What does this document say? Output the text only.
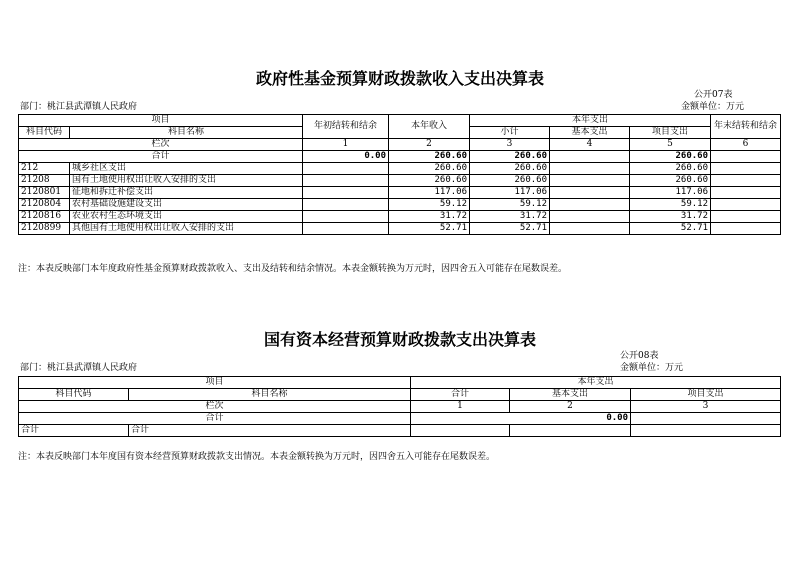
政府性基金预算财政拨款收入支出决算表
公开07表
部门：桃江县武潭镇人民政府	金额单位：万元
项目		年初结转和结余	本年收入	本年支出			年末结转和结余
科目代码	科目名称			小计	基本支出	项目支出	
栏次		1	2	3	4	5	6
合计		0.00	260.60	260.60		260.60	
212	城乡社区支出		260.60	260.60		260.60	
21208	国有土地使用权出让收入安排的支出		260.60	260.60		260.60	
2120801	征地和拆迁补偿支出		117.06	117.06		117.06	
2120804	农村基础设施建设支出		59.12	59.12		59.12	
2120816	农业农村生态环境支出		31.72	31.72		31.72	
2120899	其他国有土地使用权出让收入安排的支出		52.71	52.71		52.71	
注：本表反映部门本年度政府性基金预算财政拨款收入、支出及结转和结余情况。本表金额转换为万元时，因四舍五入可能存在尾数误差。
国有资本经营预算财政拨款支出决算表
公开08表
部门：桃江县武潭镇人民政府	金额单位：万元
项目		本年支出		
科目代码	科目名称	合计	基本支出	项目支出
栏次		1	2	3
合计		0.00		
合计	合计			
注：本表反映部门本年度国有资本经营预算财政拨款支出情况。本表金额转换为万元时，因四舍五入可能存在尾数误差。
